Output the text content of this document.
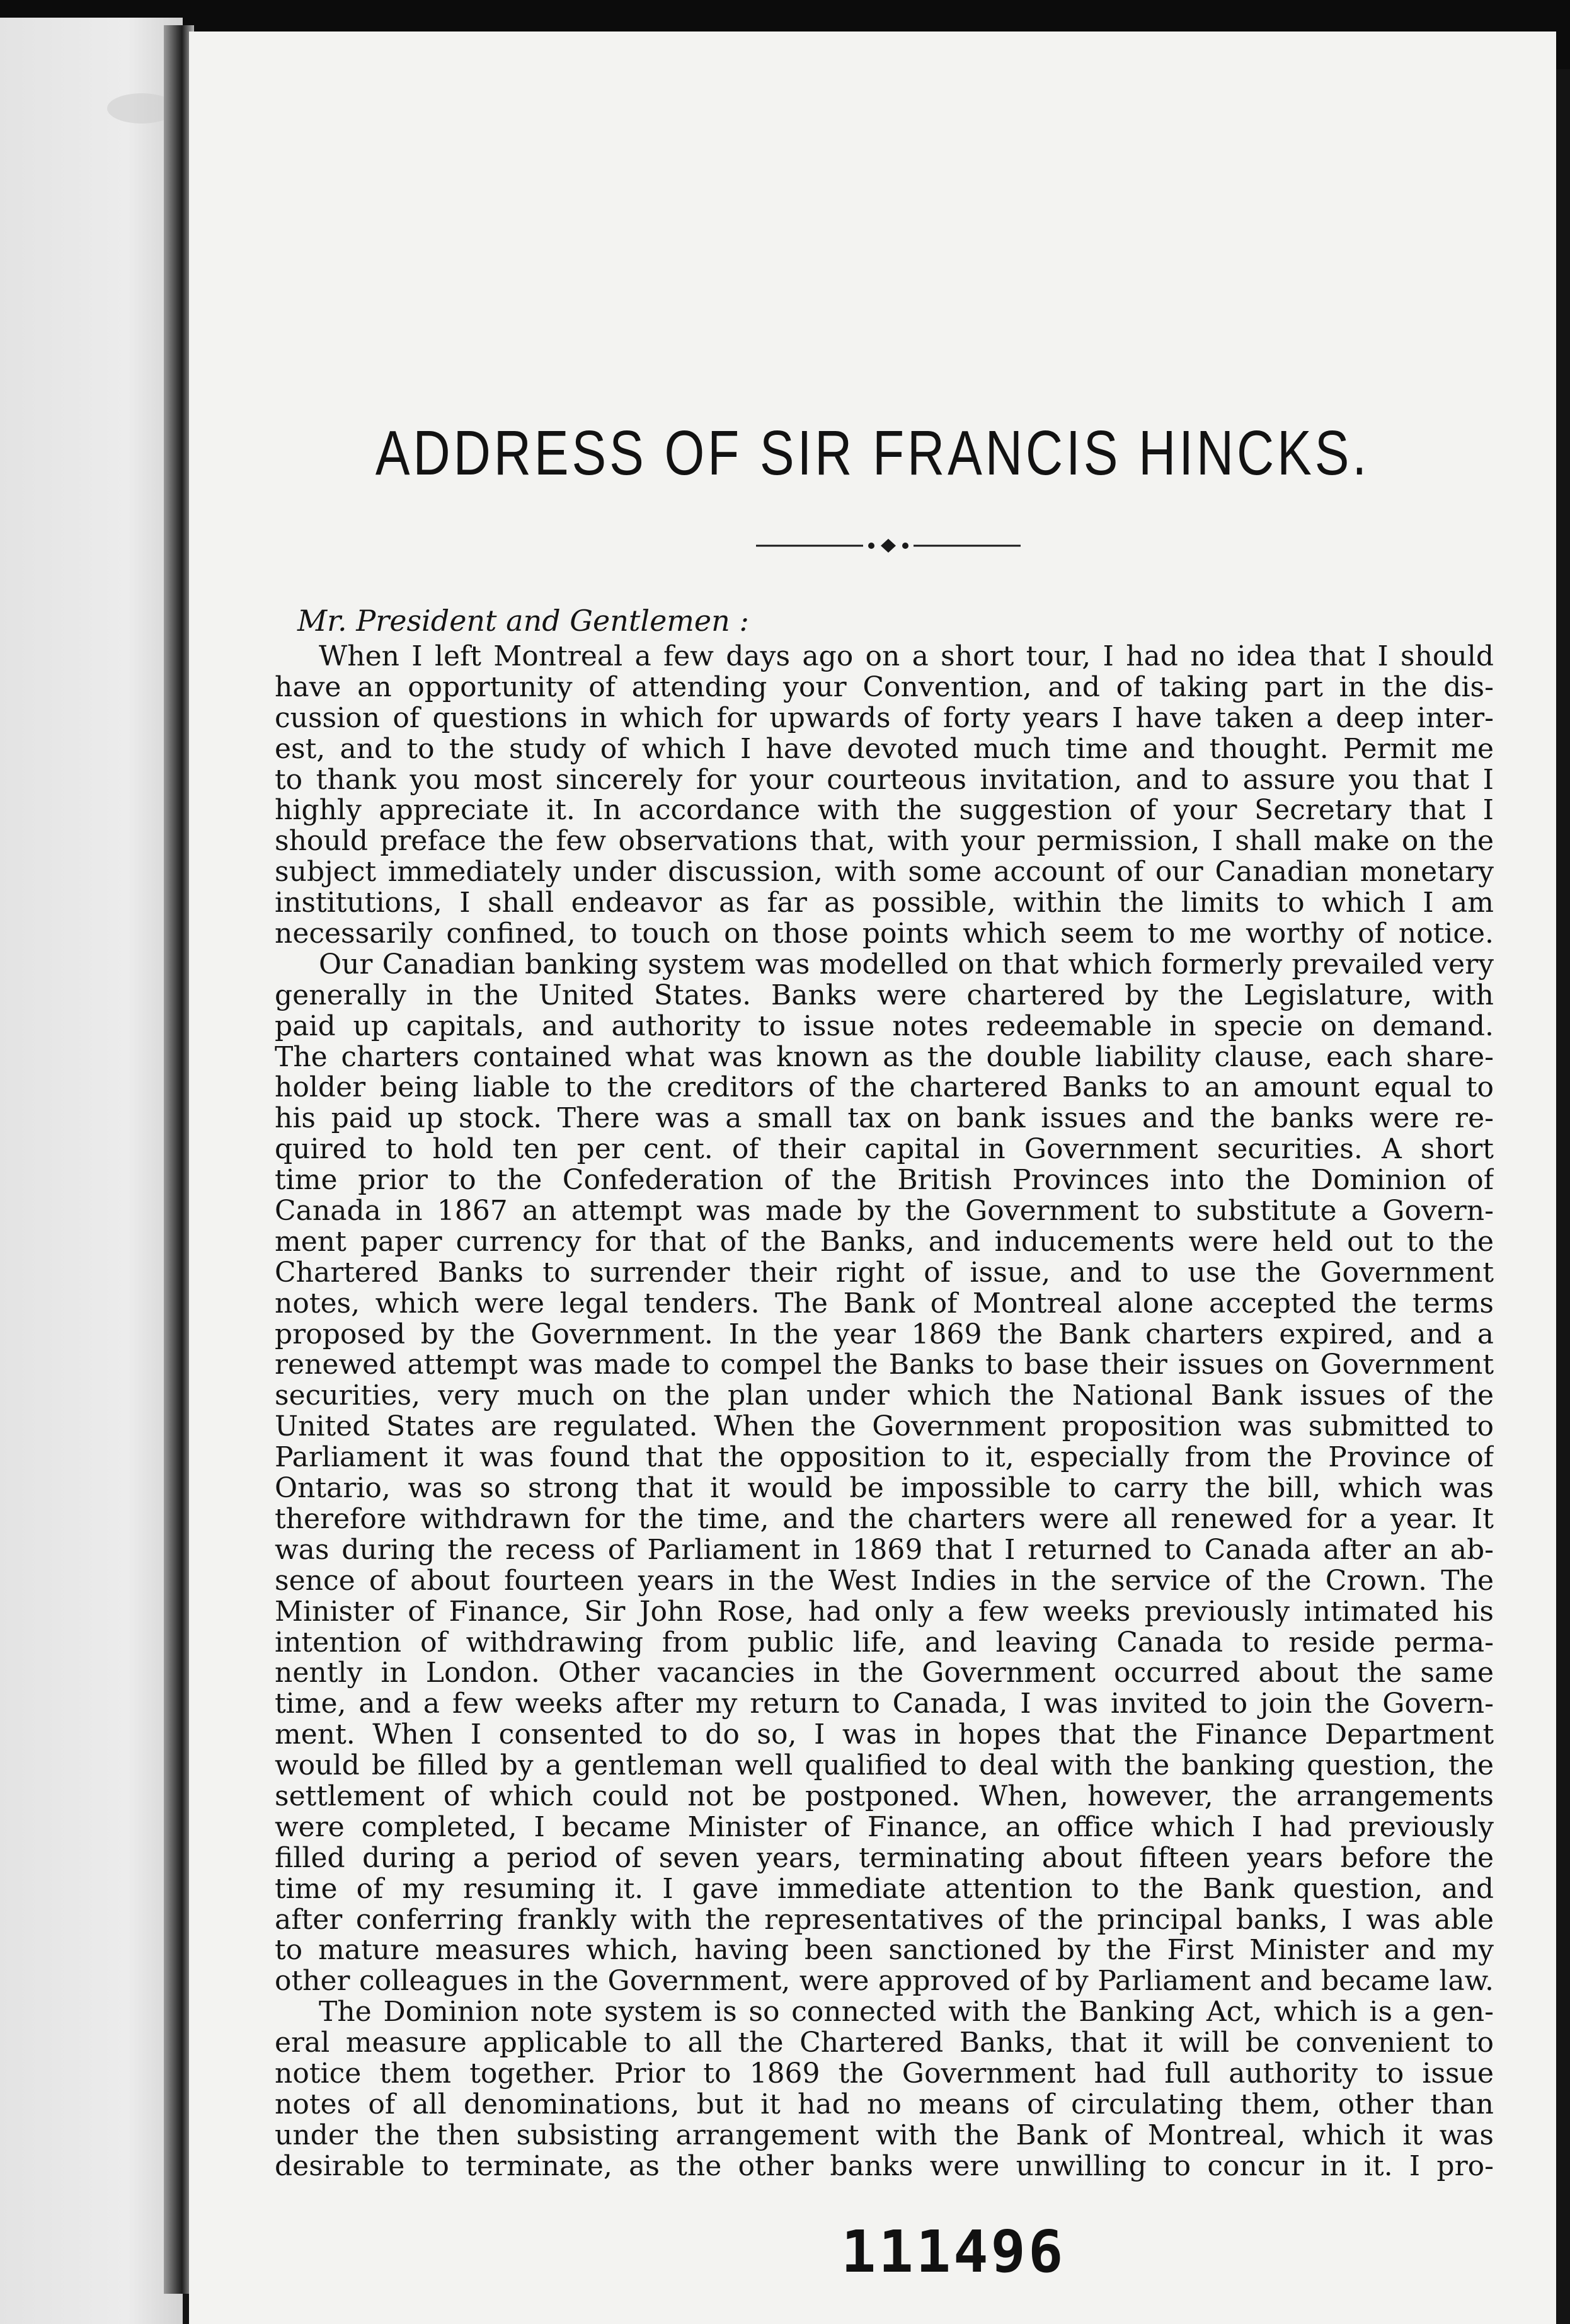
ADDRESS OF SIR FRANCIS HINCKS.

Mr. President and Gentlemen :

When I left Montreal a few days ago on a short tour, I had no idea that I should
have an opportunity of attending your Convention, and of taking part in the dis-
cussion of questions in which for upwards of forty years I have taken a deep inter-
est, and to the study of which I have devoted much time and thought. Permit me
to thank you most sincerely for your courteous invitation, and to assure you that I
highly appreciate it. In accordance with the suggestion of your Secretary that I
should preface the few observations that, with your permission, I shall make on the
subject immediately under discussion, with some account of our Canadian monetary
institutions, I shall endeavor as far as possible, within the limits to which I am
necessarily confined, to touch on those points which seem to me worthy of notice.
Our Canadian banking system was modelled on that which formerly prevailed very
generally in the United States. Banks were chartered by the Legislature, with
paid up capitals, and authority to issue notes redeemable in specie on demand.
The charters contained what was known as the double liability clause, each share-
holder being liable to the creditors of the chartered Banks to an amount equal to
his paid up stock. There was a small tax on bank issues and the banks were re-
quired to hold ten per cent. of their capital in Government securities. A short
time prior to the Confederation of the British Provinces into the Dominion of
Canada in 1867 an attempt was made by the Government to substitute a Govern-
ment paper currency for that of the Banks, and inducements were held out to the
Chartered Banks to surrender their right of issue, and to use the Government
notes, which were legal tenders. The Bank of Montreal alone accepted the terms
proposed by the Government. In the year 1869 the Bank charters expired, and a
renewed attempt was made to compel the Banks to base their issues on Government
securities, very much on the plan under which the National Bank issues of the
United States are regulated. When the Government proposition was submitted to
Parliament it was found that the opposition to it, especially from the Province of
Ontario, was so strong that it would be impossible to carry the bill, which was
therefore withdrawn for the time, and the charters were all renewed for a year. It
was during the recess of Parliament in 1869 that I returned to Canada after an ab-
sence of about fourteen years in the West Indies in the service of the Crown. The
Minister of Finance, Sir John Rose, had only a few weeks previously intimated his
intention of withdrawing from public life, and leaving Canada to reside perma-
nently in London. Other vacancies in the Government occurred about the same
time, and a few weeks after my return to Canada, I was invited to join the Govern-
ment. When I consented to do so, I was in hopes that the Finance Department
would be filled by a gentleman well qualified to deal with the banking question, the
settlement of which could not be postponed. When, however, the arrangements
were completed, I became Minister of Finance, an office which I had previously
filled during a period of seven years, terminating about fifteen years before the
time of my resuming it. I gave immediate attention to the Bank question, and
after conferring frankly with the representatives of the principal banks, I was able
to mature measures which, having been sanctioned by the First Minister and my
other colleagues in the Government, were approved of by Parliament and became law.
The Dominion note system is so connected with the Banking Act, which is a gen-
eral measure applicable to all the Chartered Banks, that it will be convenient to
notice them together. Prior to 1869 the Government had full authority to issue
notes of all denominations, but it had no means of circulating them, other than
under the then subsisting arrangement with the Bank of Montreal, which it was
desirable to terminate, as the other banks were unwilling to concur in it. I pro-

111496
